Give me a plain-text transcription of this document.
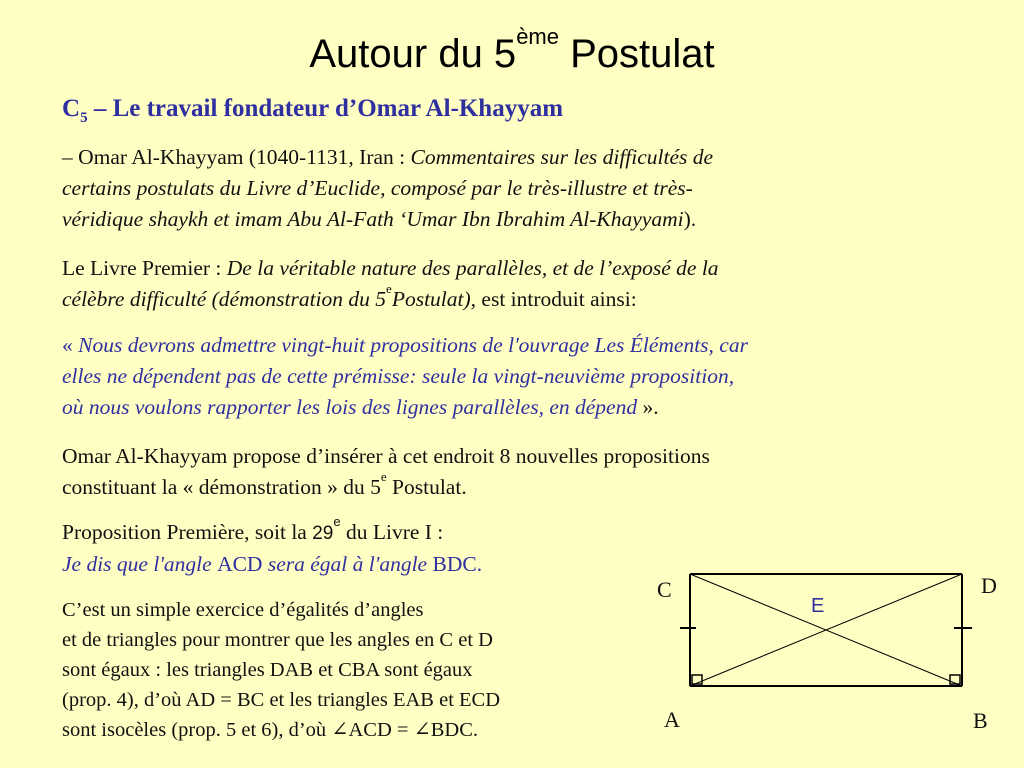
Autour du 5ème Postulat
$C_5$ – Le travail fondateur d’Omar Al-Khayyam
– Omar Al-Khayyam (1040-1131, Iran : Commentaires sur les difficultés de
certains postulats du Livre d’Euclide, composé par le très-illustre et très-
véridique shaykh et imam Abu Al-Fath ‘Umar Ibn Ibrahim Al-Khayyami).
Le Livre Premier : De la véritable nature des parallèles, et de l’exposé de la
célèbre difficulté (démonstration du 5ePostulat), est introduit ainsi:
« Nous devrons admettre vingt-huit propositions de l'ouvrage Les Éléments, car
elles ne dépendent pas de cette prémisse: seule la vingt-neuvième proposition,
où nous voulons rapporter les lois des lignes parallèles, en dépend ».
Omar Al-Khayyam propose d’insérer à cet endroit 8 nouvelles propositions
constituant la « démonstration » du 5e Postulat.
Proposition Première, soit la 29e du Livre I :
Je dis que l'angle ACD sera égal à l'angle BDC.
C’est un simple exercice d’égalités d’angles
et de triangles pour montrer que les angles en C et D
sont égaux : les triangles DAB et CBA sont égaux
(prop. 4), d’où AD = BC et les triangles EAB et ECD
sont isocèles (prop. 5 et 6), d’où ∠ACD = ∠BDC.
C	D
E
A	B
